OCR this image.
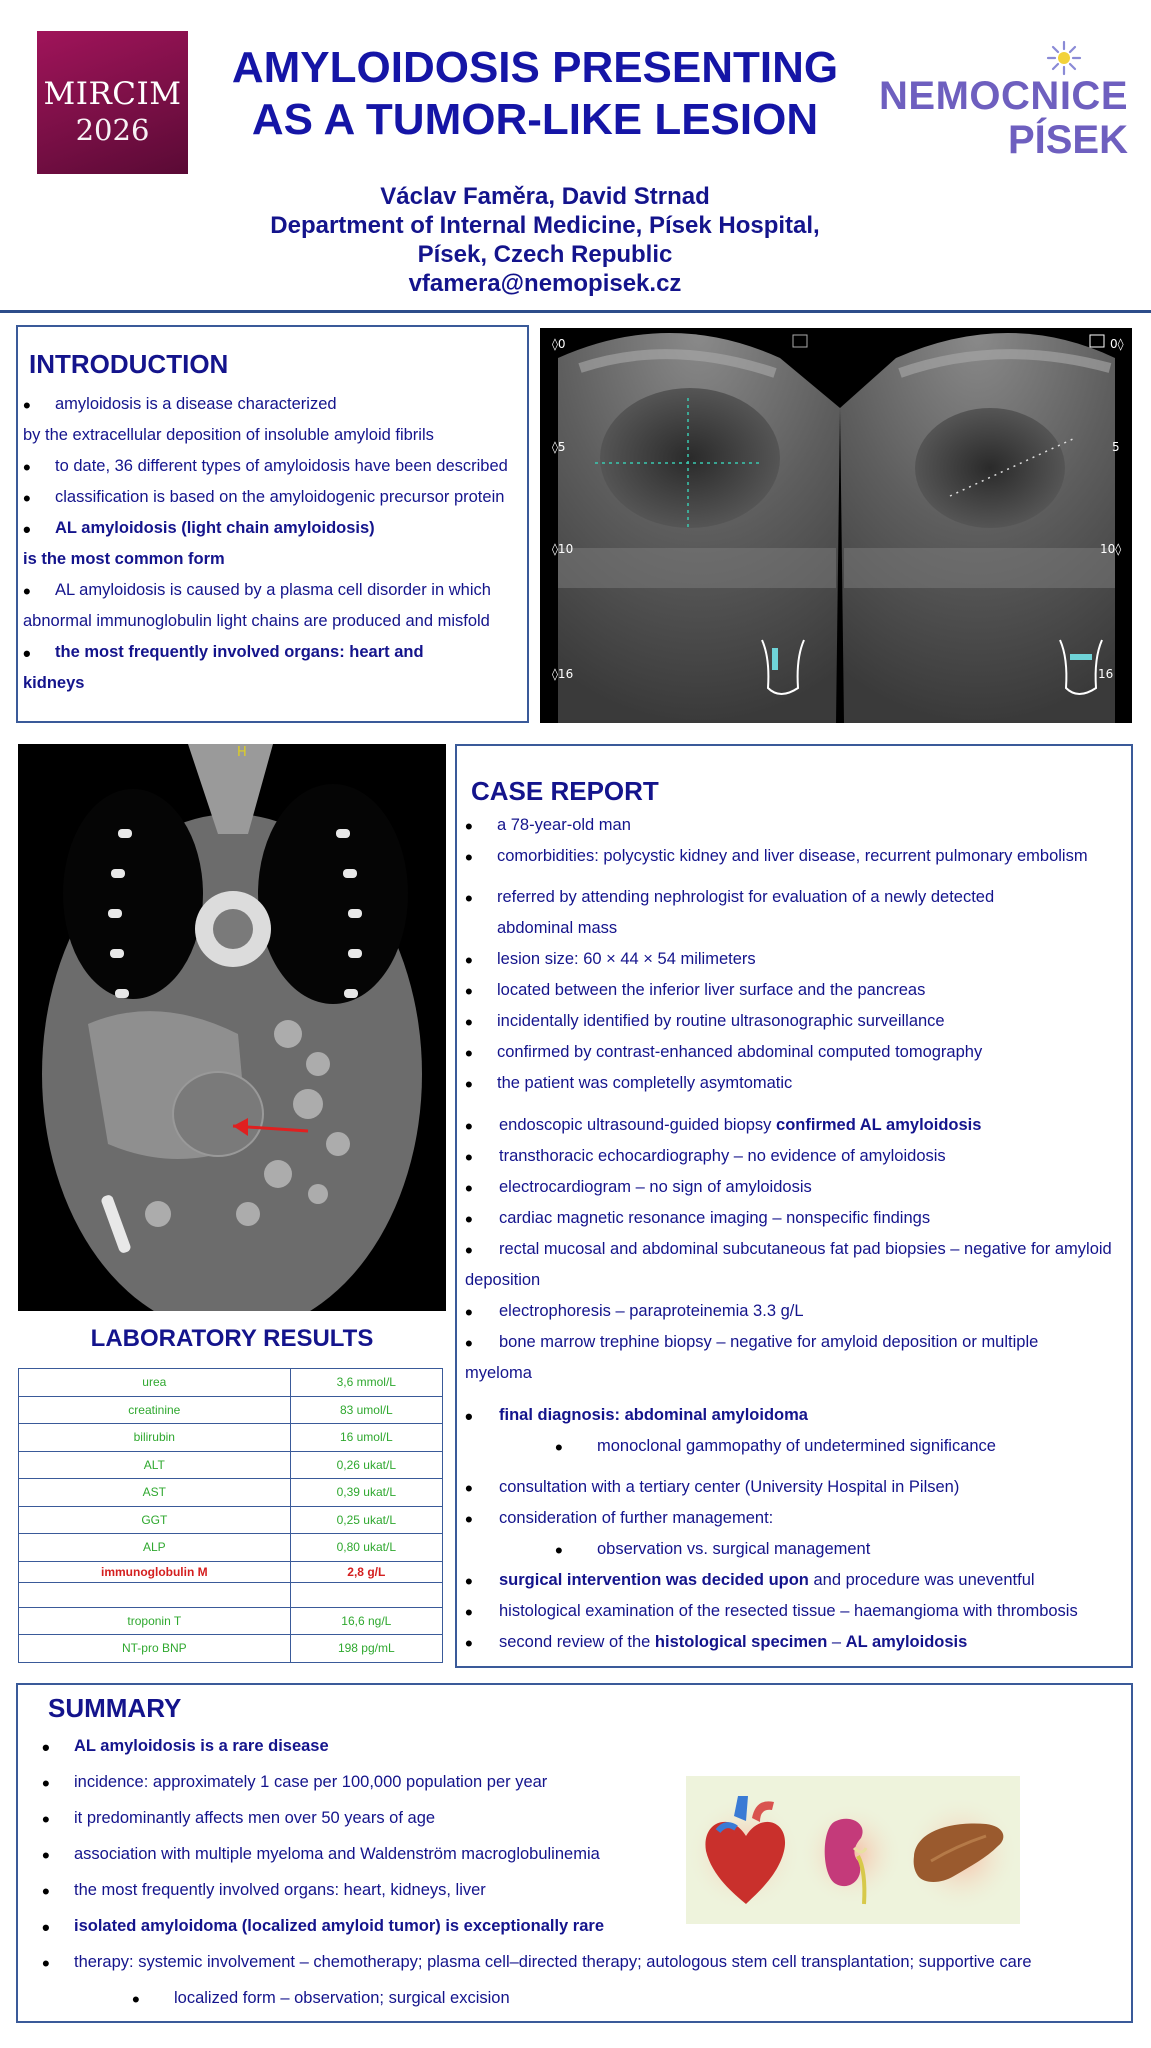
MIRCIM
2026
AMYLOIDOSIS PRESENTING
AS A TUMOR-LIKE LESION	NEMOCNICE
PÍSEK
Václav Faměra, David Strnad
Department of Internal Medicine, Písek Hospital,
Písek, Czech Republic
vfamera@nemopisek.cz
INTRODUCTION
• amyloidosis is a disease characterized
by the extracellular deposition of insoluble amyloid fibrils
• to date, 36 different types of amyloidosis have been described
• classification is based on the amyloidogenic precursor protein
• AL amyloidosis (light chain amyloidosis)
is the most common form
• AL amyloidosis is caused by a plasma cell disorder in which
abnormal immunoglobulin light chains are produced and misfold
• the most frequently involved organs: heart and
kidneys
◊0
◊5
◊10
◊16
0◊
5
10◊
16
H
CASE REPORT
• a 78-year-old man
• comorbidities: polycystic kidney and liver disease, recurrent pulmonary embolism
• referred by attending nephrologist for evaluation of a newly detected
abdominal mass
• lesion size: 60 × 44 × 54 milimeters
• located between the inferior liver surface and the pancreas
• incidentally identified by routine ultrasonographic surveillance
• confirmed by contrast-enhanced abdominal computed tomography
• the patient was completelly asymtomatic
• endoscopic ultrasound-guided biopsy confirmed AL amyloidosis
• transthoracic echocardiography – no evidence of amyloidosis
• electrocardiogram – no sign of amyloidosis
• cardiac magnetic resonance imaging – nonspecific findings
• rectal mucosal and abdominal subcutaneous fat pad biopsies – negative for amyloid
deposition
• electrophoresis – paraproteinemia 3.3 g/L
• bone marrow trephine biopsy – negative for amyloid deposition or multiple
myeloma
• final diagnosis: abdominal amyloidoma
• monoclonal gammopathy of undetermined significance
• consultation with a tertiary center (University Hospital in Pilsen)
• consideration of further management:
• observation vs. surgical management
• surgical intervention was decided upon and procedure was uneventful
• histological examination of the resected tissue – haemangioma with thrombosis
• second review of the histological specimen – AL amyloidosis
LABORATORY RESULTS
urea	3,6 mmol/L
creatinine	83 umol/L
bilirubin	16 umol/L
ALT	0,26 ukat/L
AST	0,39 ukat/L
GGT	0,25 ukat/L
ALP	0,80 ukat/L
immunoglobulin M	2,8 g/L

troponin T	16,6 ng/L
NT-pro BNP	198 pg/mL
SUMMARY
• AL amyloidosis is a rare disease
• incidence: approximately 1 case per 100,000 population per year
• it predominantly affects men over 50 years of age
• association with multiple myeloma and Waldenström macroglobulinemia
• the most frequently involved organs: heart, kidneys, liver
• isolated amyloidoma (localized amyloid tumor) is exceptionally rare
• therapy: systemic involvement – chemotherapy; plasma cell–directed therapy; autologous stem cell transplantation; supportive care
• localized form – observation; surgical excision
